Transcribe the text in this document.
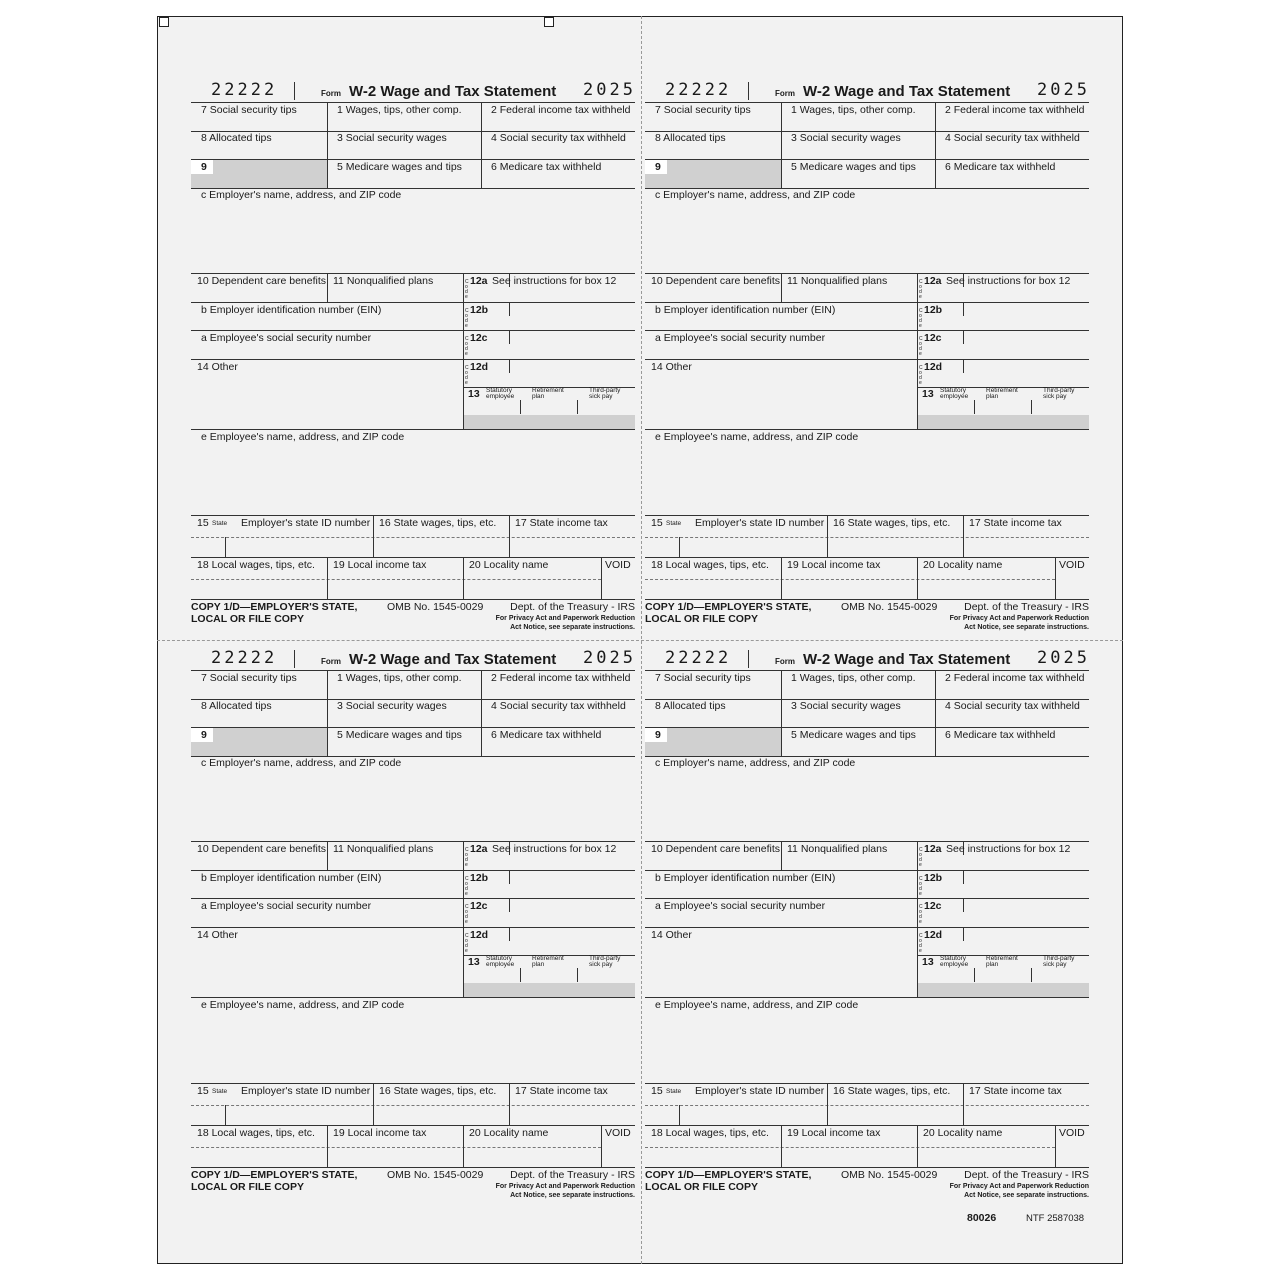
22222	Form W-2 Wage and Tax Statement 2025
7 Social security tips	1 Wages, tips, other comp.	2 Federal income tax withheld
8 Allocated tips	3 Social security wages	4 Social security tax withheld
9	5 Medicare wages and tips	6 Medicare tax withheld
c Employer's name, address, and ZIP code
10 Dependent care benefits 11 Nonqualified plans	12a See instructions for box 12
b Employer identification number (EIN)	12b
a Employee's social security number	12c
14 Other	12d
Code
Code
Code
Code
13 Statutory
employee
Retirement
plan
Third-party
sick pay
e Employee's name, address, and ZIP code
15 State Employer's state ID number 16 State wages, tips, etc. 17 State income tax
18 Local wages, tips, etc. 19 Local income tax	20 Locality name	VOID
COPY 1/D—EMPLOYER'S STATE,
LOCAL OR FILE COPY
OMB No. 1545-0029	Dept. of the Treasury - IRS
For Privacy Act and Paperwork Reduction
Act Notice, see separate instructions.
22222	Form W-2 Wage and Tax Statement 2025
7 Social security tips	1 Wages, tips, other comp.	2 Federal income tax withheld
8 Allocated tips	3 Social security wages	4 Social security tax withheld
9	5 Medicare wages and tips	6 Medicare tax withheld
c Employer's name, address, and ZIP code
10 Dependent care benefits 11 Nonqualified plans	12a See instructions for box 12
b Employer identification number (EIN)	12b
a Employee's social security number	12c
14 Other	12d
Code
Code
Code
Code
13 Statutory
employee
Retirement
plan
Third-party
sick pay
e Employee's name, address, and ZIP code
15 State Employer's state ID number 16 State wages, tips, etc. 17 State income tax
18 Local wages, tips, etc. 19 Local income tax	20 Locality name	VOID
COPY 1/D—EMPLOYER'S STATE,
LOCAL OR FILE COPY
OMB No. 1545-0029	Dept. of the Treasury - IRS
For Privacy Act and Paperwork Reduction
Act Notice, see separate instructions.
22222	Form W-2 Wage and Tax Statement 2025
7 Social security tips	1 Wages, tips, other comp.	2 Federal income tax withheld
8 Allocated tips	3 Social security wages	4 Social security tax withheld
9	5 Medicare wages and tips	6 Medicare tax withheld
c Employer's name, address, and ZIP code
10 Dependent care benefits 11 Nonqualified plans	12a See instructions for box 12
b Employer identification number (EIN)	12b
a Employee's social security number	12c
14 Other	12d
Code
Code
Code
Code
13 Statutory
employee
Retirement
plan
Third-party
sick pay
e Employee's name, address, and ZIP code
15 State Employer's state ID number 16 State wages, tips, etc. 17 State income tax
18 Local wages, tips, etc. 19 Local income tax	20 Locality name	VOID
COPY 1/D—EMPLOYER'S STATE,
LOCAL OR FILE COPY
OMB No. 1545-0029	Dept. of the Treasury - IRS
For Privacy Act and Paperwork Reduction
Act Notice, see separate instructions.
22222	Form W-2 Wage and Tax Statement 2025
7 Social security tips	1 Wages, tips, other comp.	2 Federal income tax withheld
8 Allocated tips	3 Social security wages	4 Social security tax withheld
9	5 Medicare wages and tips	6 Medicare tax withheld
c Employer's name, address, and ZIP code
10 Dependent care benefits 11 Nonqualified plans	12a See instructions for box 12
b Employer identification number (EIN)	12b
a Employee's social security number	12c
14 Other	12d
Code
Code
Code
Code
13 Statutory
employee
Retirement
plan
Third-party
sick pay
e Employee's name, address, and ZIP code
15 State Employer's state ID number 16 State wages, tips, etc. 17 State income tax
18 Local wages, tips, etc. 19 Local income tax	20 Locality name	VOID
COPY 1/D—EMPLOYER'S STATE,
LOCAL OR FILE COPY
OMB No. 1545-0029	Dept. of the Treasury - IRS
For Privacy Act and Paperwork Reduction
Act Notice, see separate instructions.
80026	NTF 2587038
